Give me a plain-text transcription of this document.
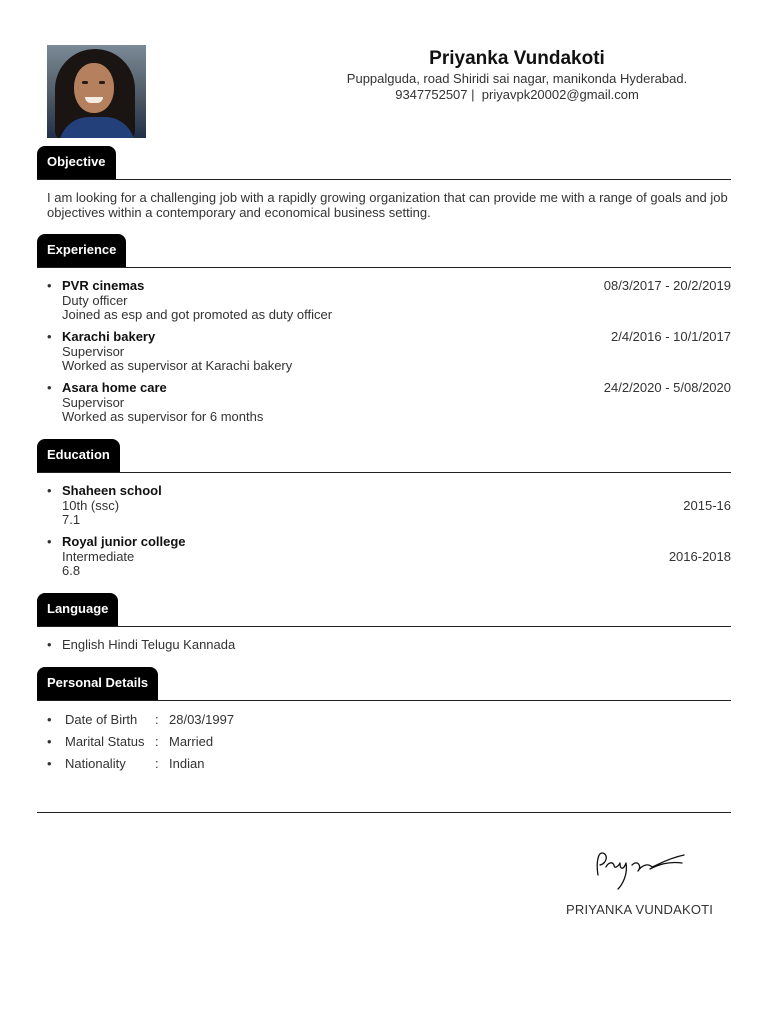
Priyanka Vundakoti
Puppalguda, road Shiridi sai nagar, manikonda Hyderabad.
9347752507 | priyavpk20002@gmail.com
Objective
I am looking for a challenging job with a rapidly growing organization that can provide me with a range of goals and job objectives within a contemporary and economical business setting.
Experience
• PVR cinemas
Duty officer
Joined as esp and got promoted as duty officer
08/3/2017 - 20/2/2019
• Karachi bakery
Supervisor
Worked as supervisor at Karachi bakery
2/4/2016 - 10/1/2017
• Asara home care
Supervisor
Worked as supervisor for 6 months
24/2/2020 - 5/08/2020
Education
• Shaheen school
10th (ssc)
7.1
2015-16
• Royal junior college
Intermediate
6.8
2016-2018
Language
• English Hindi Telugu Kannada
Personal Details
• Date of Birth : 28/03/1997
• Marital Status : Married
• Nationality : Indian
PRIYANKA VUNDAKOTI
